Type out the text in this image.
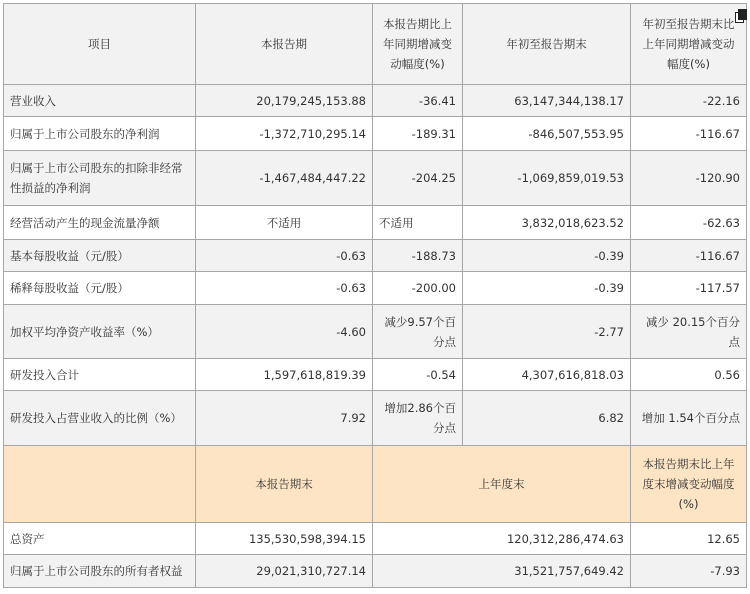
项目	本报告期	本报告期比上年同期增减变动幅度(%)	年初至报告期末	年初至报告期末比上年同期增减变动幅度(%)
营业收入	20,179,245,153.88	-36.41	63,147,344,138.17	-22.16
归属于上市公司股东的净利润	-1,372,710,295.14	-189.31	-846,507,553.95	-116.67
归属于上市公司股东的扣除非经常性损益的净利润	-1,467,484,447.22	-204.25	-1,069,859,019.53	-120.90
经营活动产生的现金流量净额	不适用	不适用	3,832,018,623.52	-62.63
基本每股收益（元/股）	-0.63	-188.73	-0.39	-116.67
稀释每股收益（元/股）	-0.63	-200.00	-0.39	-117.57
加权平均净资产收益率（%）	-4.60	减少9.57个百分点	-2.77	减少 20.15个百分点
研发投入合计	1,597,618,819.39	-0.54	4,307,616,818.03	0.56
研发投入占营业收入的比例（%）	7.92	增加2.86个百分点	6.82	增加 1.54个百分点
	本报告期末	上年度末		本报告期末比上年度末增减变动幅度(%)
总资产	135,530,598,394.15	120,312,286,474.63		12.65
归属于上市公司股东的所有者权益	29,021,310,727.14	31,521,757,649.42		-7.93
